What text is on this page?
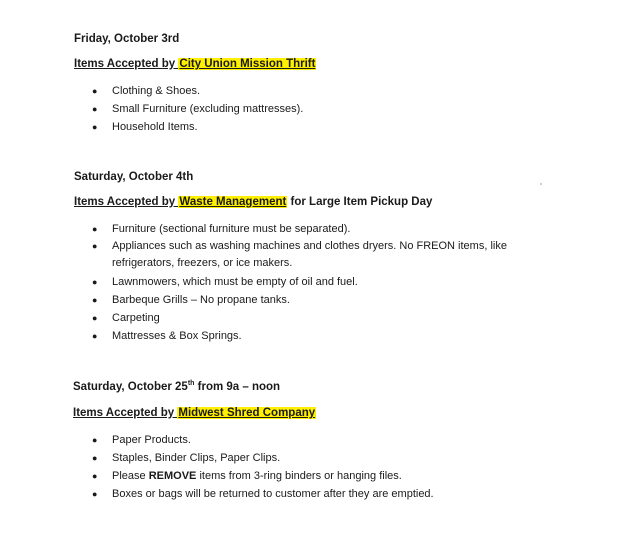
Friday, October 3rd
Items Accepted by City Union Mission Thrift
● Clothing & Shoes.
● Small Furniture (excluding mattresses).
● Household Items.
Saturday, October 4th
Items Accepted by Waste Management for Large Item Pickup Day
● Furniture (sectional furniture must be separated).
● Appliances such as washing machines and clothes dryers. No FREON items, like refrigerators, freezers, or ice makers.
● Lawnmowers, which must be empty of oil and fuel.
● Barbeque Grills – No propane tanks.
● Carpeting
● Mattresses & Box Springs.
Saturday, October 25th from 9a – noon
Items Accepted by Midwest Shred Company
● Paper Products.
● Staples, Binder Clips, Paper Clips.
● Please REMOVE items from 3-ring binders or hanging files.
● Boxes or bags will be returned to customer after they are emptied.
